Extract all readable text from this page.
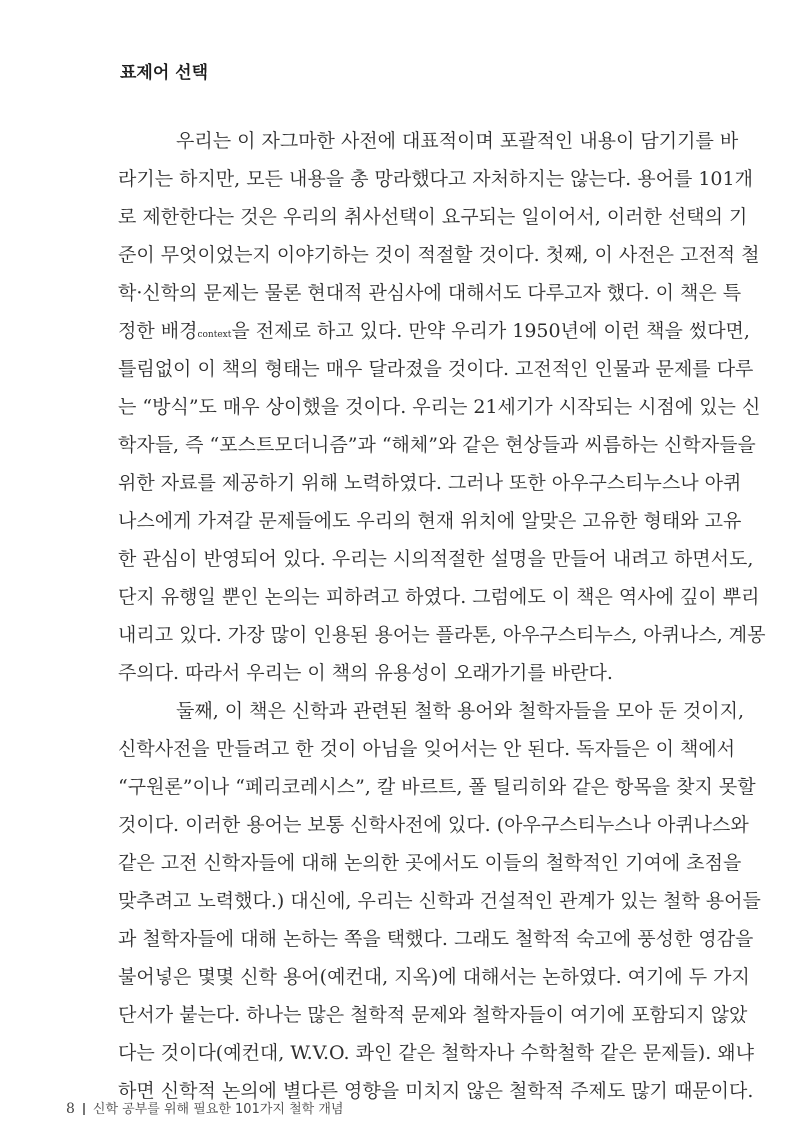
표제어 선택
우리는 이 자그마한 사전에 대표적이며 포괄적인 내용이 담기기를 바
라기는 하지만, 모든 내용을 총 망라했다고 자처하지는 않는다. 용어를 101개
로 제한한다는 것은 우리의 취사선택이 요구되는 일이어서, 이러한 선택의 기
준이 무엇이었는지 이야기하는 것이 적절할 것이다. 첫째, 이 사전은 고전적 철
학·신학의 문제는 물론 현대적 관심사에 대해서도 다루고자 했다. 이 책은 특
정한 배경context을 전제로 하고 있다. 만약 우리가 1950년에 이런 책을 썼다면,
틀림없이 이 책의 형태는 매우 달라졌을 것이다. 고전적인 인물과 문제를 다루
는 “방식”도 매우 상이했을 것이다. 우리는 21세기가 시작되는 시점에 있는 신
학자들, 즉 “포스트모더니즘”과 “해체”와 같은 현상들과 씨름하는 신학자들을
위한 자료를 제공하기 위해 노력하였다. 그러나 또한 아우구스티누스나 아퀴
나스에게 가져갈 문제들에도 우리의 현재 위치에 알맞은 고유한 형태와 고유
한 관심이 반영되어 있다. 우리는 시의적절한 설명을 만들어 내려고 하면서도,
단지 유행일 뿐인 논의는 피하려고 하였다. 그럼에도 이 책은 역사에 깊이 뿌리
내리고 있다. 가장 많이 인용된 용어는 플라톤, 아우구스티누스, 아퀴나스, 계몽
주의다. 따라서 우리는 이 책의 유용성이 오래가기를 바란다.
둘째, 이 책은 신학과 관련된 철학 용어와 철학자들을 모아 둔 것이지,
신학사전을 만들려고 한 것이 아님을 잊어서는 안 된다. 독자들은 이 책에서
“구원론”이나 “페리코레시스”, 칼 바르트, 폴 틸리히와 같은 항목을 찾지 못할
것이다. 이러한 용어는 보통 신학사전에 있다. (아우구스티누스나 아퀴나스와
같은 고전 신학자들에 대해 논의한 곳에서도 이들의 철학적인 기여에 초점을
맞추려고 노력했다.) 대신에, 우리는 신학과 건설적인 관계가 있는 철학 용어들
과 철학자들에 대해 논하는 쪽을 택했다. 그래도 철학적 숙고에 풍성한 영감을
불어넣은 몇몇 신학 용어(예컨대, 지옥)에 대해서는 논하였다. 여기에 두 가지
단서가 붙는다. 하나는 많은 철학적 문제와 철학자들이 여기에 포함되지 않았
다는 것이다(예컨대, W.V.O. 콰인 같은 철학자나 수학철학 같은 문제들). 왜냐
하면 신학적 논의에 별다른 영향을 미치지 않은 철학적 주제도 많기 때문이다.
8 신학 공부를 위해 필요한 101가지 철학 개념
